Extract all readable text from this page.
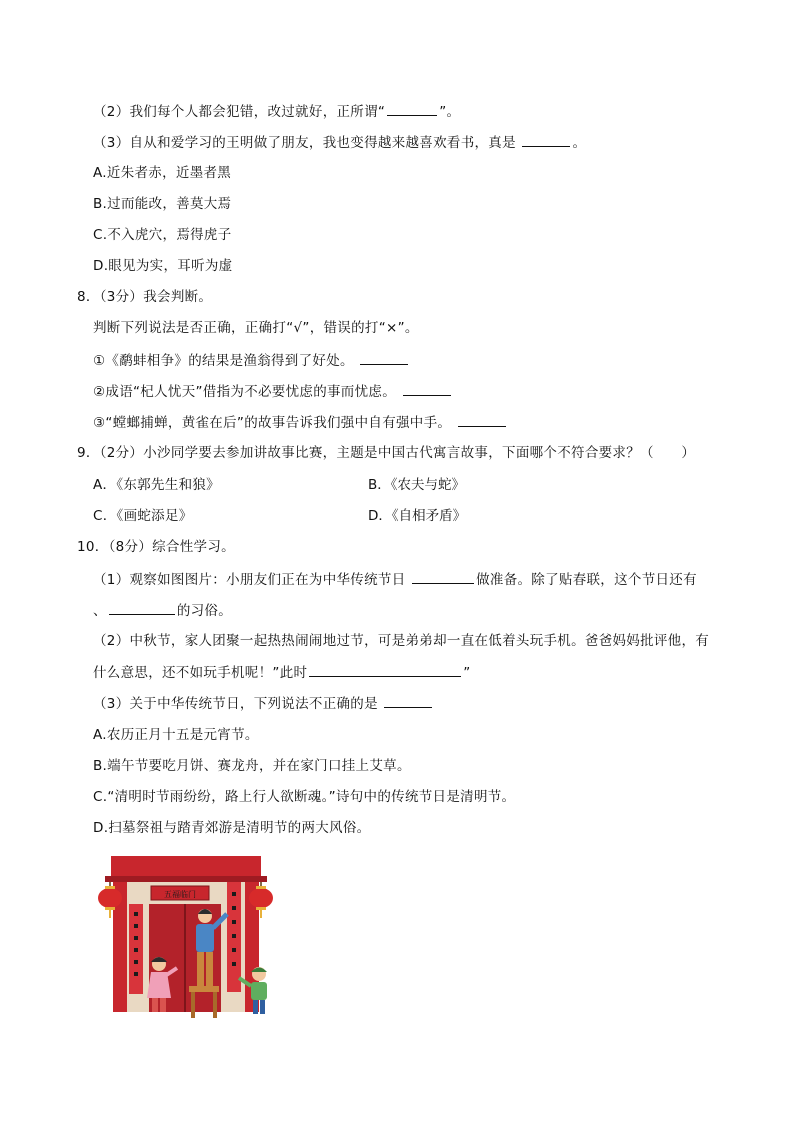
（2）我们每个人都会犯错，改过就好，正所谓“	”。
（3）自从和爱学习的王明做了朋友，我也变得越来越喜欢看书，真是	。
A.近朱者赤，近墨者黑
B.过而能改，善莫大焉
C.不入虎穴，焉得虎子
D.眼见为实，耳听为虚
8．（3分）我会判断。
判断下列说法是否正确，正确打“√”，错误的打“×”。
①《鹬蚌相争》的结果是渔翁得到了好处。
②成语“杞人忧天”借指为不必要忧虑的事而忧虑。
③“螳螂捕蝉，黄雀在后”的故事告诉我们强中自有强中手。
9．（2分）小沙同学要去参加讲故事比赛，主题是中国古代寓言故事，下面哪个不符合要求？（　　）
A．《东郭先生和狼》	B．《农夫与蛇》
C．《画蛇添足》	D．《自相矛盾》
10．（8分）综合性学习。
（1）观察如图图片：小朋友们正在为中华传统节日	做准备。除了贴春联，这个节日还有
、	的习俗。
（2）中秋节，家人团聚一起热热闹闹地过节，可是弟弟却一直在低着头玩手机。爸爸妈妈批评他，有
什么意思，还不如玩手机呢！”此时	”
（3）关于中华传统节日，下列说法不正确的是
A.农历正月十五是元宵节。
B.端午节要吃月饼、赛龙舟，并在家门口挂上艾草。
C.“清明时节雨纷纷，路上行人欲断魂。”诗句中的传统节日是清明节。
D.扫墓祭祖与踏青郊游是清明节的两大风俗。
五福临门
